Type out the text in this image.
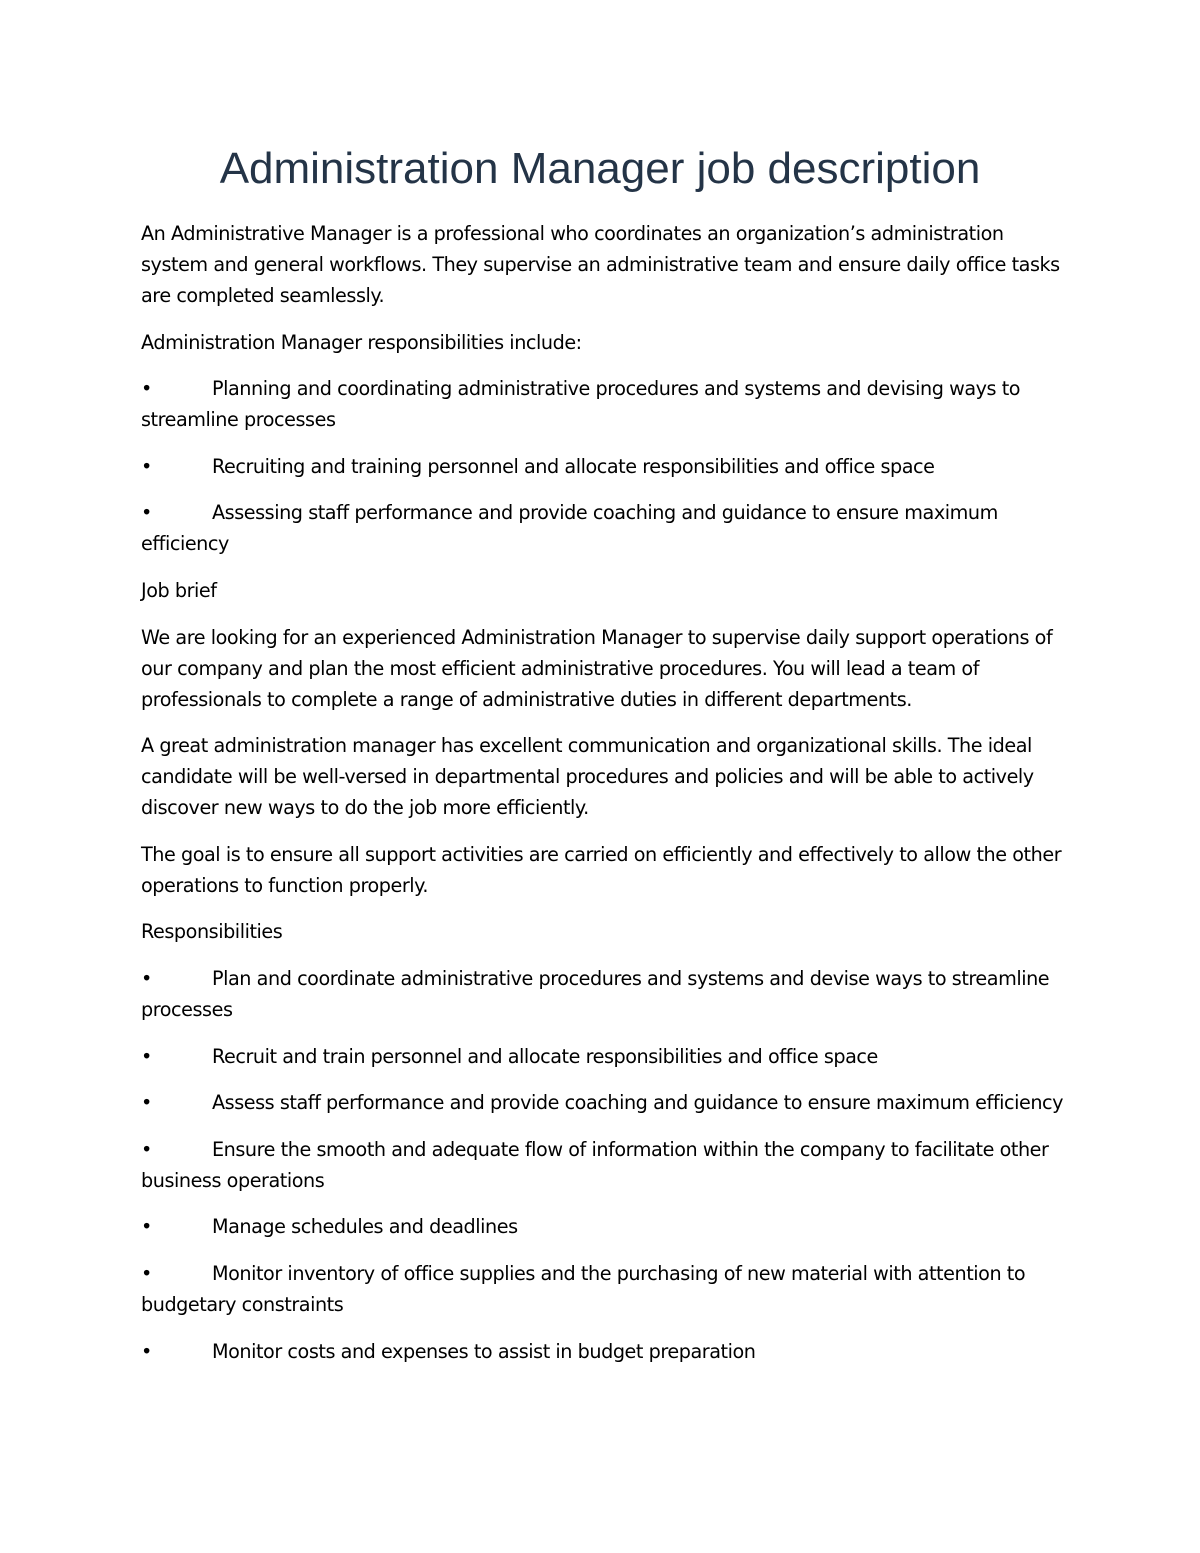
Administration Manager job description

An Administrative Manager is a professional who coordinates an organization’s administration system and general workflows. They supervise an administrative team and ensure daily office tasks are completed seamlessly.

Administration Manager responsibilities include:

•	Planning and coordinating administrative procedures and systems and devising ways to streamline processes

•	Recruiting and training personnel and allocate responsibilities and office space

•	Assessing staff performance and provide coaching and guidance to ensure maximum efficiency

Job brief

We are looking for an experienced Administration Manager to supervise daily support operations of our company and plan the most efficient administrative procedures. You will lead a team of professionals to complete a range of administrative duties in different departments.

A great administration manager has excellent communication and organizational skills. The ideal candidate will be well-versed in departmental procedures and policies and will be able to actively discover new ways to do the job more efficiently.

The goal is to ensure all support activities are carried on efficiently and effectively to allow the other operations to function properly.

Responsibilities

•	Plan and coordinate administrative procedures and systems and devise ways to streamline processes

•	Recruit and train personnel and allocate responsibilities and office space

•	Assess staff performance and provide coaching and guidance to ensure maximum efficiency

•	Ensure the smooth and adequate flow of information within the company to facilitate other business operations

•	Manage schedules and deadlines

•	Monitor inventory of office supplies and the purchasing of new material with attention to budgetary constraints

•	Monitor costs and expenses to assist in budget preparation
